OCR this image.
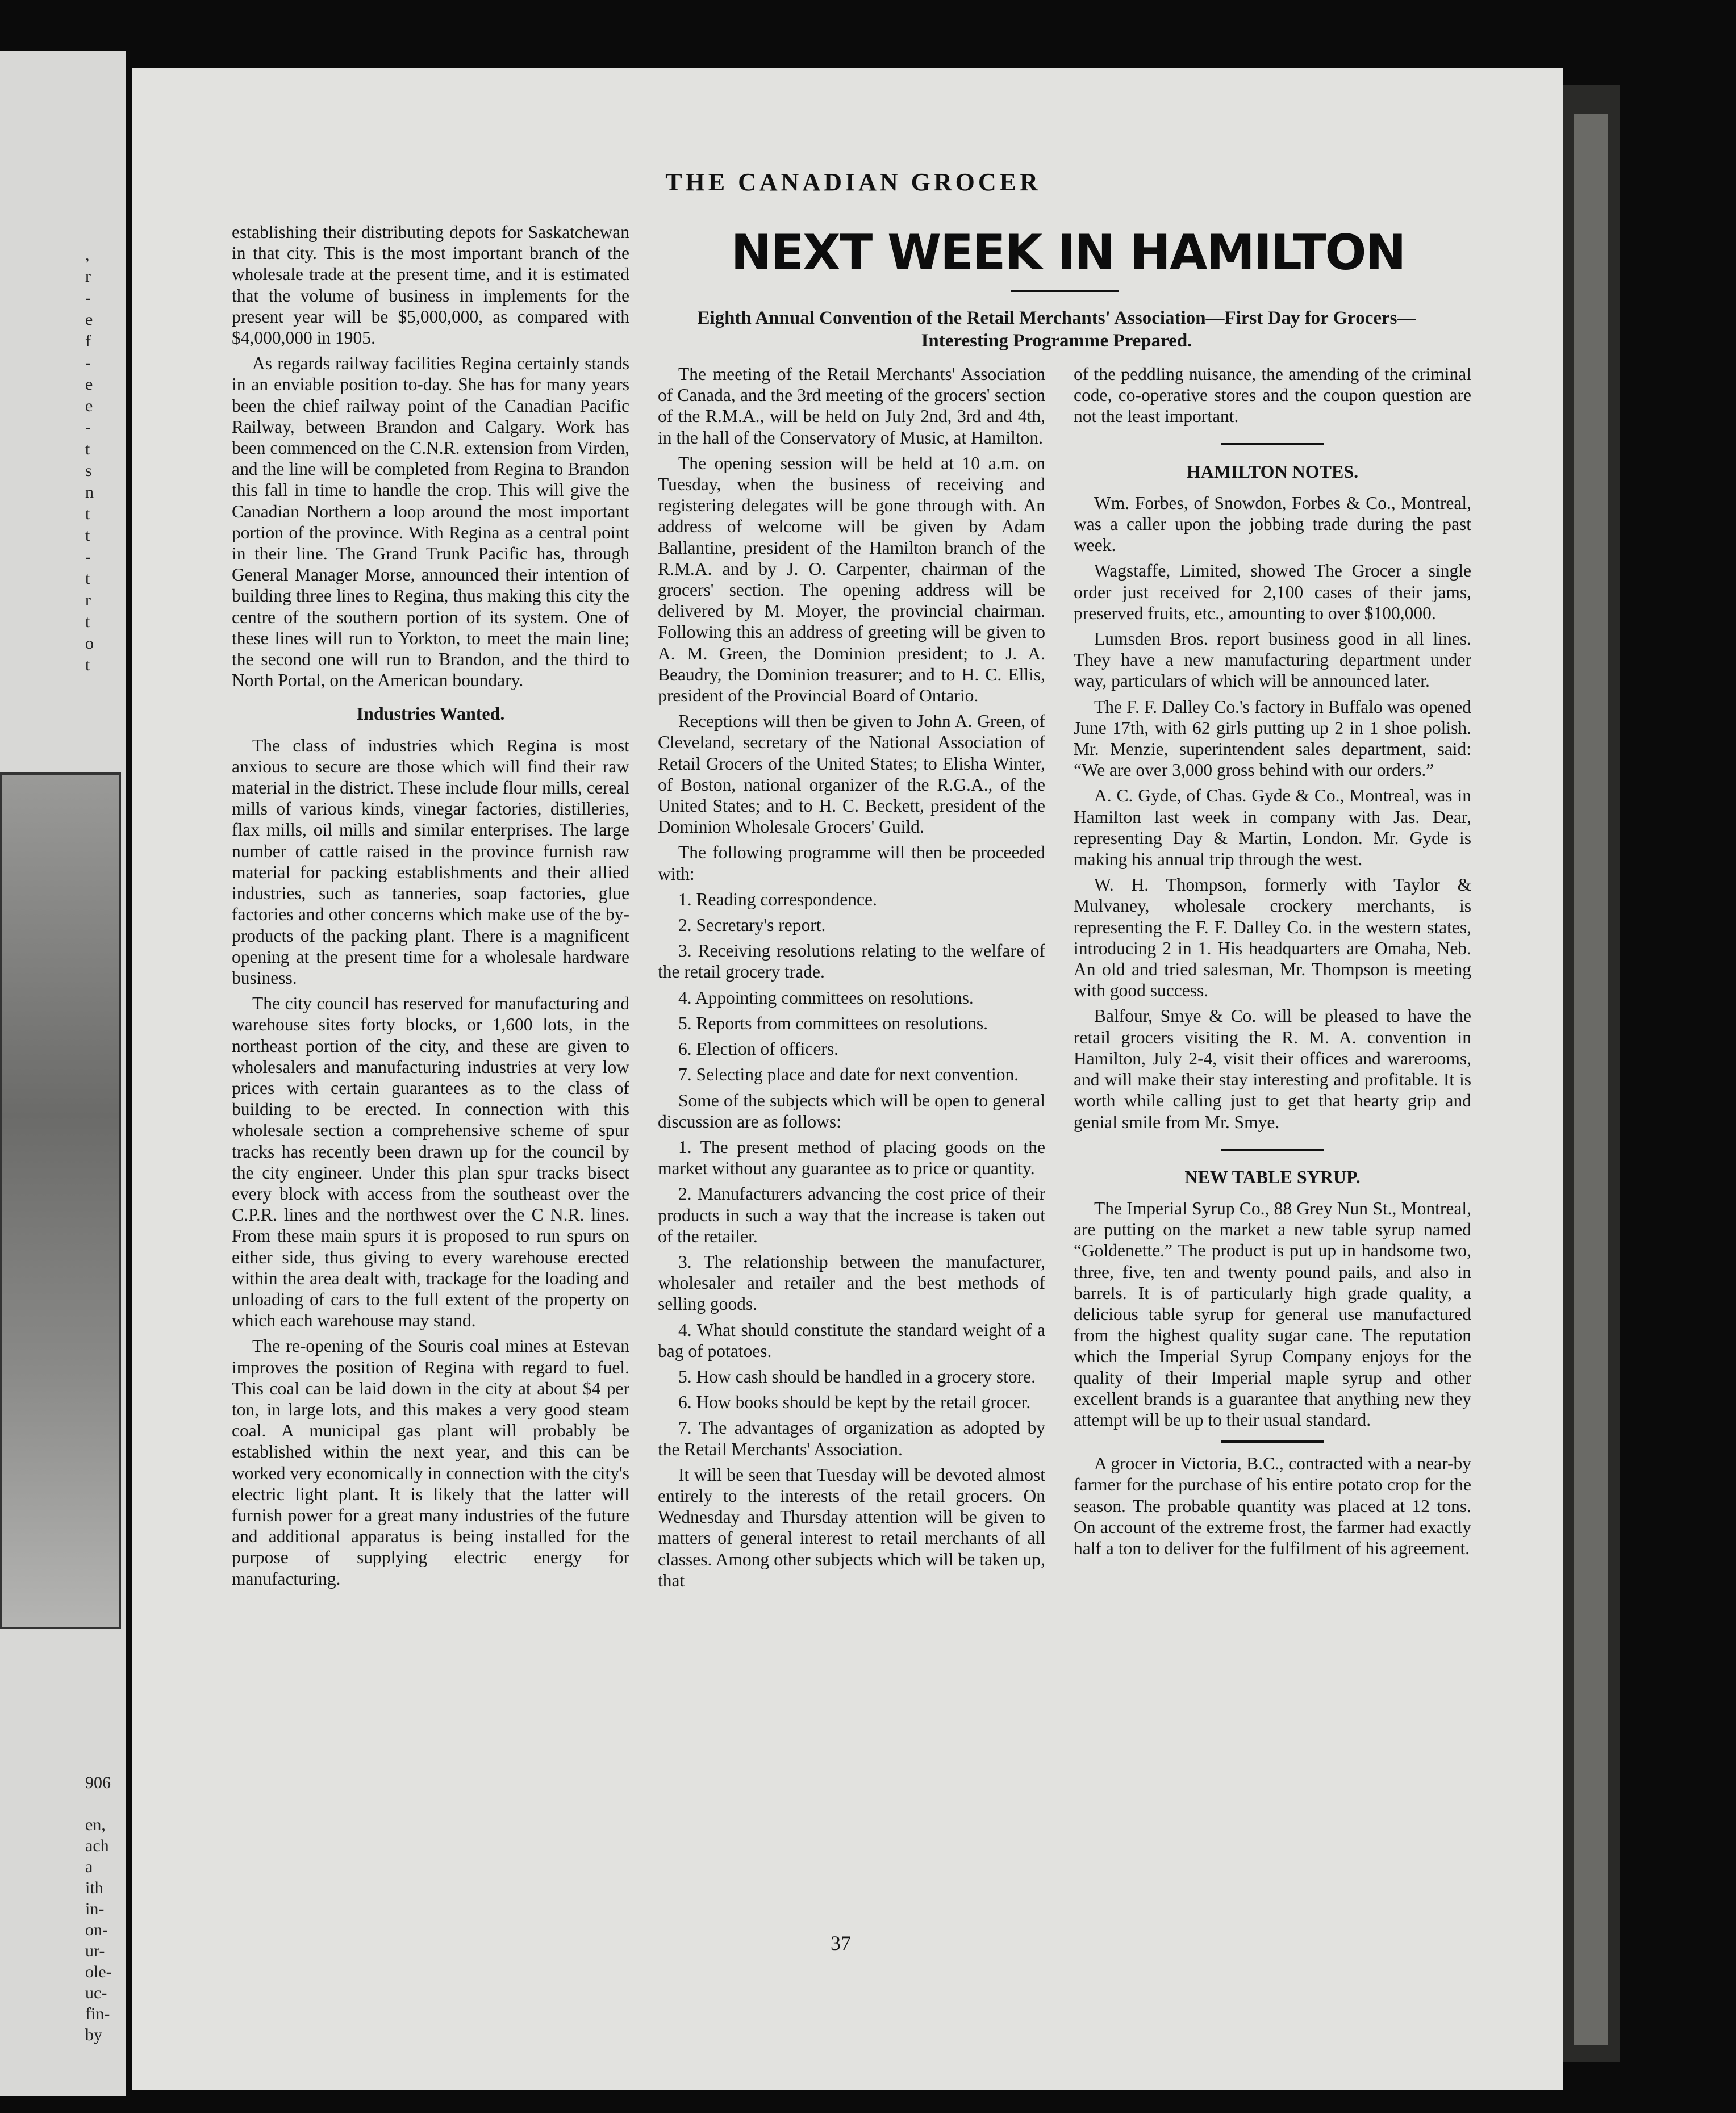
,
r
-
e
f
-
e
e
-
t
s
n
t
t
-
t
r
t
o
t
906
en,
ach
a
ith
in-
on-
ur-
ole-
uc-
fin-
by
THE CANADIAN GROCER

establishing their distributing depots for Saskatchewan in that city. This is the most important branch of the wholesale trade at the present time, and it is estimated that the volume of business in implements for the present year will be $5,000,000, as compared with $4,000,000 in 1905.

As regards railway facilities Regina certainly stands in an enviable position to-day. She has for many years been the chief railway point of the Canadian Pacific Railway, between Brandon and Calgary. Work has been commenced on the C.N.R. extension from Virden, and the line will be completed from Regina to Brandon this fall in time to handle the crop. This will give the Canadian Northern a loop around the most important portion of the province. With Regina as a central point in their line. The Grand Trunk Pacific has, through General Manager Morse, announced their intention of building three lines to Regina, thus making this city the centre of the southern portion of its system. One of these lines will run to Yorkton, to meet the main line; the second one will run to Brandon, and the third to North Portal, on the American boundary.

Industries Wanted.

The class of industries which Regina is most anxious to secure are those which will find their raw material in the district. These include flour mills, cereal mills of various kinds, vinegar factories, distilleries, flax mills, oil mills and similar enterprises. The large number of cattle raised in the province furnish raw material for packing establishments and their allied industries, such as tanneries, soap factories, glue factories and other concerns which make use of the by-products of the packing plant. There is a magnificent opening at the present time for a wholesale hardware business.

The city council has reserved for manufacturing and warehouse sites forty blocks, or 1,600 lots, in the northeast portion of the city, and these are given to wholesalers and manufacturing industries at very low prices with certain guarantees as to the class of building to be erected. In connection with this wholesale section a comprehensive scheme of spur tracks has recently been drawn up for the council by the city engineer. Under this plan spur tracks bisect every block with access from the southeast over the C.P.R. lines and the northwest over the C N.R. lines. From these main spurs it is proposed to run spurs on either side, thus giving to every warehouse erected within the area dealt with, trackage for the loading and unloading of cars to the full extent of the property on which each warehouse may stand.

The re-opening of the Souris coal mines at Estevan improves the position of Regina with regard to fuel. This coal can be laid down in the city at about $4 per ton, in large lots, and this makes a very good steam coal. A municipal gas plant will probably be established within the next year, and this can be worked very economically in connection with the city's electric light plant. It is likely that the latter will furnish power for a great many industries of the future and additional apparatus is being installed for the purpose of supplying electric energy for manufacturing.

NEXT WEEK IN HAMILTON
Eighth Annual Convention of the Retail Merchants' Association—First Day for Grocers—Interesting Programme Prepared.

The meeting of the Retail Merchants' Association of Canada, and the 3rd meeting of the grocers' section of the R.M.A., will be held on July 2nd, 3rd and 4th, in the hall of the Conservatory of Music, at Hamilton.

The opening session will be held at 10 a.m. on Tuesday, when the business of receiving and registering delegates will be gone through with. An address of welcome will be given by Adam Ballantine, president of the Hamilton branch of the R.M.A. and by J. O. Carpenter, chairman of the grocers' section. The opening address will be delivered by M. Moyer, the provincial chairman. Following this an address of greeting will be given to A. M. Green, the Dominion president; to J. A. Beaudry, the Dominion treasurer; and to H. C. Ellis, president of the Provincial Board of Ontario.

Receptions will then be given to John A. Green, of Cleveland, secretary of the National Association of Retail Grocers of the United States; to Elisha Winter, of Boston, national organizer of the R.G.A., of the United States; and to H. C. Beckett, president of the Dominion Wholesale Grocers' Guild.

The following programme will then be proceeded with:

1. Reading correspondence.

2. Secretary's report.

3. Receiving resolutions relating to the welfare of the retail grocery trade.

4. Appointing committees on resolutions.

5. Reports from committees on resolutions.

6. Election of officers.

7. Selecting place and date for next convention.

Some of the subjects which will be open to general discussion are as follows:

1. The present method of placing goods on the market without any guarantee as to price or quantity.

2. Manufacturers advancing the cost price of their products in such a way that the increase is taken out of the retailer.

3. The relationship between the manufacturer, wholesaler and retailer and the best methods of selling goods.

4. What should constitute the standard weight of a bag of potatoes.

5. How cash should be handled in a grocery store.

6. How books should be kept by the retail grocer.

7. The advantages of organization as adopted by the Retail Merchants' Association.

It will be seen that Tuesday will be devoted almost entirely to the interests of the retail grocers. On Wednesday and Thursday attention will be given to matters of general interest to retail merchants of all classes. Among other subjects which will be taken up, that

of the peddling nuisance, the amending of the criminal code, co-operative stores and the coupon question are not the least important.

HAMILTON NOTES.

Wm. Forbes, of Snowdon, Forbes & Co., Montreal, was a caller upon the jobbing trade during the past week.

Wagstaffe, Limited, showed The Grocer a single order just received for 2,100 cases of their jams, preserved fruits, etc., amounting to over $100,000.

Lumsden Bros. report business good in all lines. They have a new manufacturing department under way, particulars of which will be announced later.

The F. F. Dalley Co.'s factory in Buffalo was opened June 17th, with 62 girls putting up 2 in 1 shoe polish. Mr. Menzie, superintendent sales department, said: “We are over 3,000 gross behind with our orders.”

A. C. Gyde, of Chas. Gyde & Co., Montreal, was in Hamilton last week in company with Jas. Dear, representing Day & Martin, London. Mr. Gyde is making his annual trip through the west.

W. H. Thompson, formerly with Taylor & Mulvaney, wholesale crockery merchants, is representing the F. F. Dalley Co. in the western states, introducing 2 in 1. His headquarters are Omaha, Neb. An old and tried salesman, Mr. Thompson is meeting with good success.

Balfour, Smye & Co. will be pleased to have the retail grocers visiting the R. M. A. convention in Hamilton, July 2-4, visit their offices and warerooms, and will make their stay interesting and profitable. It is worth while calling just to get that hearty grip and genial smile from Mr. Smye.

NEW TABLE SYRUP.

The Imperial Syrup Co., 88 Grey Nun St., Montreal, are putting on the market a new table syrup named “Goldenette.” The product is put up in handsome two, three, five, ten and twenty pound pails, and also in barrels. It is of particularly high grade quality, a delicious table syrup for general use manufactured from the highest quality sugar cane. The reputation which the Imperial Syrup Company enjoys for the quality of their Imperial maple syrup and other excellent brands is a guarantee that anything new they attempt will be up to their usual standard.

A grocer in Victoria, B.C., contracted with a near-by farmer for the purchase of his entire potato crop for the season. The probable quantity was placed at 12 tons. On account of the extreme frost, the farmer had exactly half a ton to deliver for the fulfilment of his agreement.

37
